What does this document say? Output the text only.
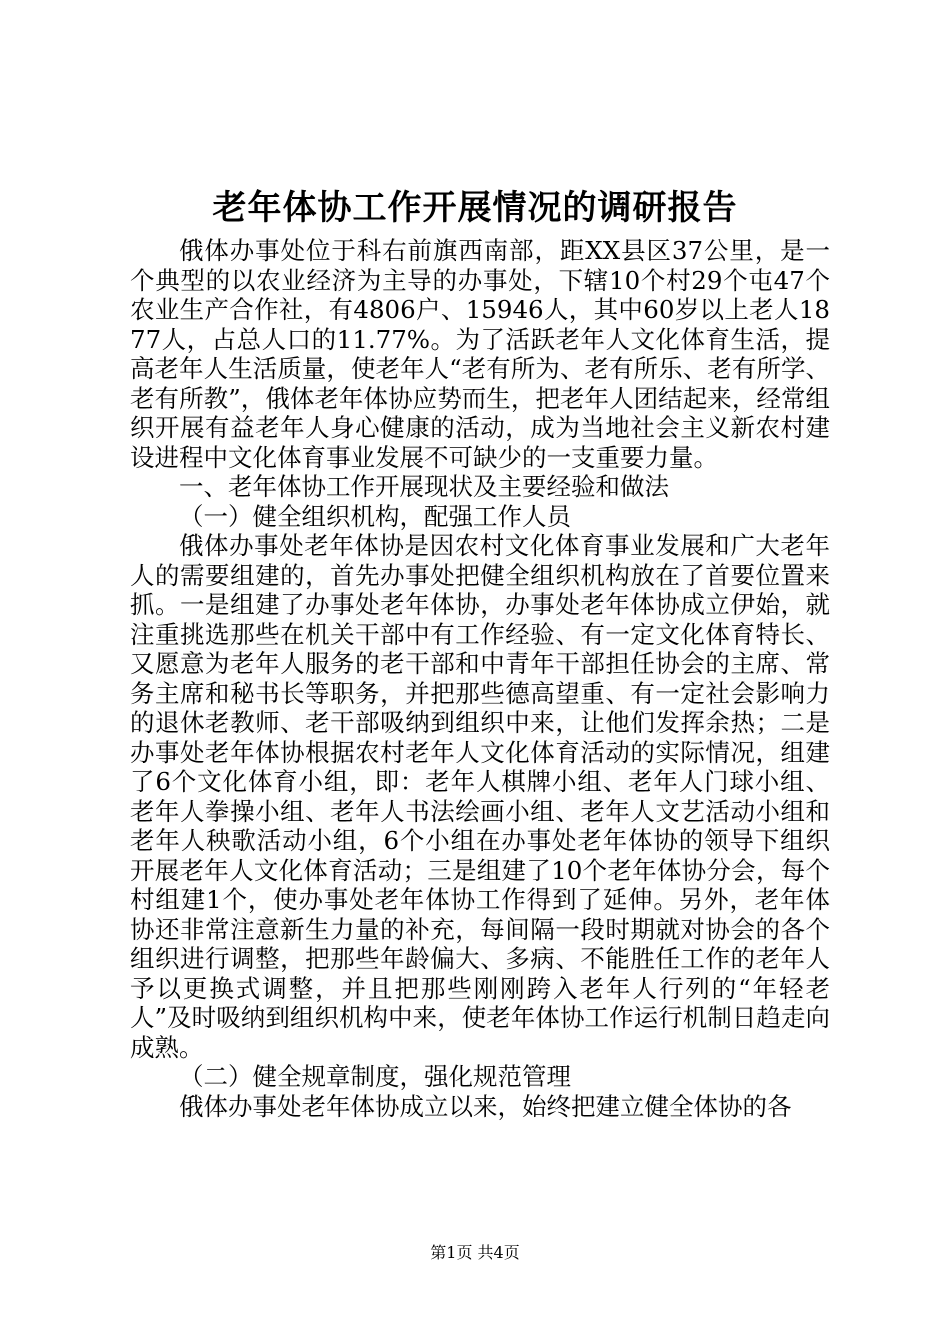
老年体协工作开展情况的调研报告

俄体办事处位于科右前旗西南部，距XX县区37公里，是一个典型的以农业经济为主导的办事处，下辖10个村29个屯47个农业生产合作社，有4806户、15946人，其中60岁以上老人1877人，占总人口的11.77%。为了活跃老年人文化体育生活，提高老年人生活质量，使老年人“老有所为、老有所乐、老有所学、老有所教”，俄体老年体协应势而生，把老年人团结起来，经常组织开展有益老年人身心健康的活动，成为当地社会主义新农村建设进程中文化体育事业发展不可缺少的一支重要力量。

一、老年体协工作开展现状及主要经验和做法

（一）健全组织机构，配强工作人员

俄体办事处老年体协是因农村文化体育事业发展和广大老年人的需要组建的，首先办事处把健全组织机构放在了首要位置来抓。一是组建了办事处老年体协，办事处老年体协成立伊始，就注重挑选那些在机关干部中有工作经验、有一定文化体育特长、又愿意为老年人服务的老干部和中青年干部担任协会的主席、常务主席和秘书长等职务，并把那些德高望重、有一定社会影响力的退休老教师、老干部吸纳到组织中来，让他们发挥余热；二是办事处老年体协根据农村老年人文化体育活动的实际情况，组建了6个文化体育小组，即：老年人棋牌小组、老年人门球小组、老年人拳操小组、老年人书法绘画小组、老年人文艺活动小组和老年人秧歌活动小组，6个小组在办事处老年体协的领导下组织开展老年人文化体育活动；三是组建了10个老年体协分会，每个村组建1个，使办事处老年体协工作得到了延伸。另外，老年体协还非常注意新生力量的补充，每间隔一段时期就对协会的各个组织进行调整，把那些年龄偏大、多病、不能胜任工作的老年人予以更换式调整，并且把那些刚刚跨入老年人行列的“年轻老人”及时吸纳到组织机构中来，使老年体协工作运行机制日趋走向成熟。

（二）健全规章制度，强化规范管理

俄体办事处老年体协成立以来，始终把建立健全体协的各

第1页 共4页
